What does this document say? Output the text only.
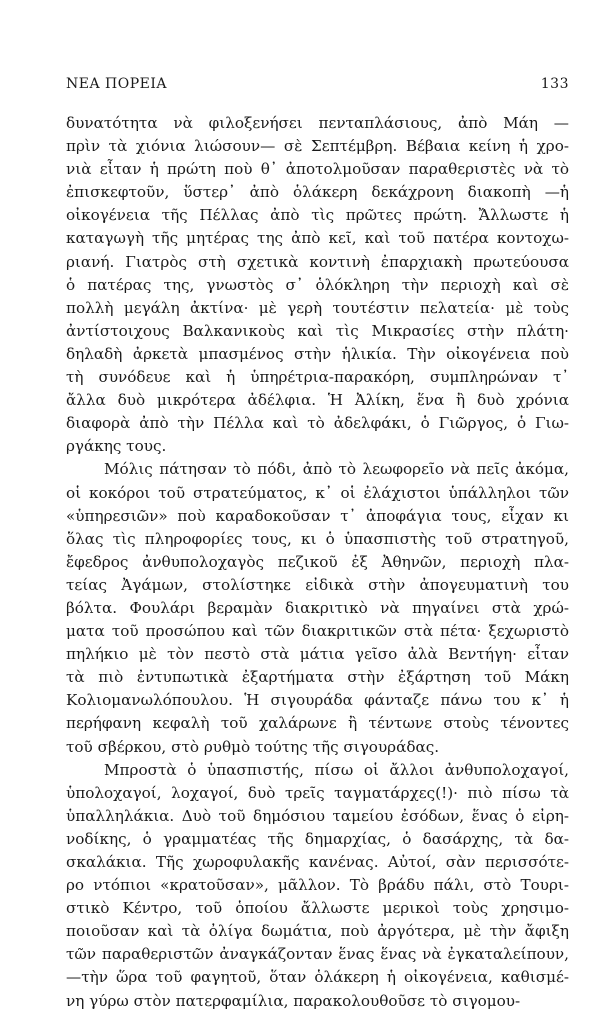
ΝΕΑ ΠΟΡΕΙΑ	133
δυνατότητα νὰ φιλοξενήσει πενταπλάσιους, ἀπὸ Μάη —
πρὶν τὰ χιόνια λιώσουν— σὲ Σεπτέμβρη. Βέβαια κείνη ἡ χρο-
νιὰ εἶταν ἡ πρώτη ποὺ θ᾿ ἀποτολμοῦσαν παραθεριστὲς νὰ τὸ
ἐπισκεφτοῦν, ὕστερ᾿ ἀπὸ ὁλάκερη δεκάχρονη διακοπὴ —ἡ
οἰκογένεια τῆς Πέλλας ἀπὸ τὶς πρῶτες πρώτη. Ἄλλωστε ἡ
καταγωγὴ τῆς μητέρας της ἀπὸ κεῖ, καὶ τοῦ πατέρα κοντοχω-
ριανή. Γιατρὸς στὴ σχετικὰ κοντινὴ ἐπαρχιακὴ πρωτεύουσα
ὁ πατέρας της, γνωστὸς σ᾿ ὁλόκληρη τὴν περιοχὴ καὶ σὲ
πολλὴ μεγάλη ἀκτίνα· μὲ γερὴ τουτέστιν πελατεία· μὲ τοὺς
ἀντίστοιχους Βαλκανικοὺς καὶ τὶς Μικρασίες στὴν πλάτη·
δηλαδὴ ἀρκετὰ μπασμένος στὴν ἡλικία. Τὴν οἰκογένεια ποὺ
τὴ συνόδευε καὶ ἡ ὑπηρέτρια-παρακόρη, συμπληρώναν τ᾿
ἄλλα δυὸ μικρότερα ἀδέλφια. Ἡ Ἀλίκη, ἕνα ἢ δυὸ χρόνια
διαφορὰ ἀπὸ τὴν Πέλλα καὶ τὸ ἀδελφάκι, ὁ Γιῶργος, ὁ Γιω-
ργάκης τους.
Μόλις πάτησαν τὸ πόδι, ἀπὸ τὸ λεωφορεῖο νὰ πεῖς ἀκόμα,
οἱ κοκόροι τοῦ στρατεύματος, κ᾿ οἱ ἐλάχιστοι ὑπάλληλοι τῶν
«ὑπηρεσιῶν» ποὺ καραδοκοῦσαν τ᾿ ἀποφάγια τους, εἶχαν κι
ὅλας τὶς πληροφορίες τους, κι ὁ ὑπασπιστὴς τοῦ στρατηγοῦ,
ἔφεδρος ἀνθυπολοχαγὸς πεζικοῦ ἐξ Ἀθηνῶν, περιοχὴ πλα-
τείας Ἀγάμων, στολίστηκε εἰδικὰ στὴν ἀπογευματινὴ του
βόλτα. Φουλάρι βεραμὰν διακριτικὸ νὰ πηγαίνει στὰ χρώ-
ματα τοῦ προσώπου καὶ τῶν διακριτικῶν στὰ πέτα· ξεχωριστὸ
πηλήκιο μὲ τὸν πεστὸ στὰ μάτια γεῖσο ἀλὰ Βεντήγη· εἶταν
τὰ πιὸ ἐντυπωτικὰ ἐξαρτήματα στὴν ἐξάρτηση τοῦ Μάκη
Κολιομανωλόπουλου. Ἡ σιγουράδα φάνταζε πάνω του κ᾿ ἡ
περήφανη κεφαλὴ τοῦ χαλάρωνε ἢ τέντωνε στοὺς τένοντες
τοῦ σβέρκου, στὸ ρυθμὸ τούτης τῆς σιγουράδας.
Μπροστὰ ὁ ὑπασπιστής, πίσω οἱ ἄλλοι ἀνθυπολοχαγοί,
ὑπολοχαγοί, λοχαγοί, δυὸ τρεῖς ταγματάρχες(!)· πιὸ πίσω τὰ
ὑπαλληλάκια. Δυὸ τοῦ δημόσιου ταμείου ἐσόδων, ἕνας ὁ εἰρη-
νοδίκης, ὁ γραμματέας τῆς δημαρχίας, ὁ δασάρχης, τὰ δα-
σκαλάκια. Τῆς χωροφυλακῆς κανένας. Αὐτοί, σὰν περισσότε-
ρο ντόπιοι «κρατοῦσαν», μᾶλλον. Τὸ βράδυ πάλι, στὸ Τουρι-
στικὸ Κέντρο, τοῦ ὁποίου ἄλλωστε μερικοὶ τοὺς χρησιμο-
ποιοῦσαν καὶ τὰ ὀλίγα δωμάτια, ποὺ ἀργότερα, μὲ τὴν ἄφιξη
τῶν παραθεριστῶν ἀναγκάζονταν ἕνας ἕνας νὰ ἐγκαταλείπουν,
—τὴν ὥρα τοῦ φαγητοῦ, ὅταν ὁλάκερη ἡ οἰκογένεια, καθισμέ-
νη γύρω στὸν πατερφαμίλια, παρακολουθοῦσε τὸ σιγομου-
